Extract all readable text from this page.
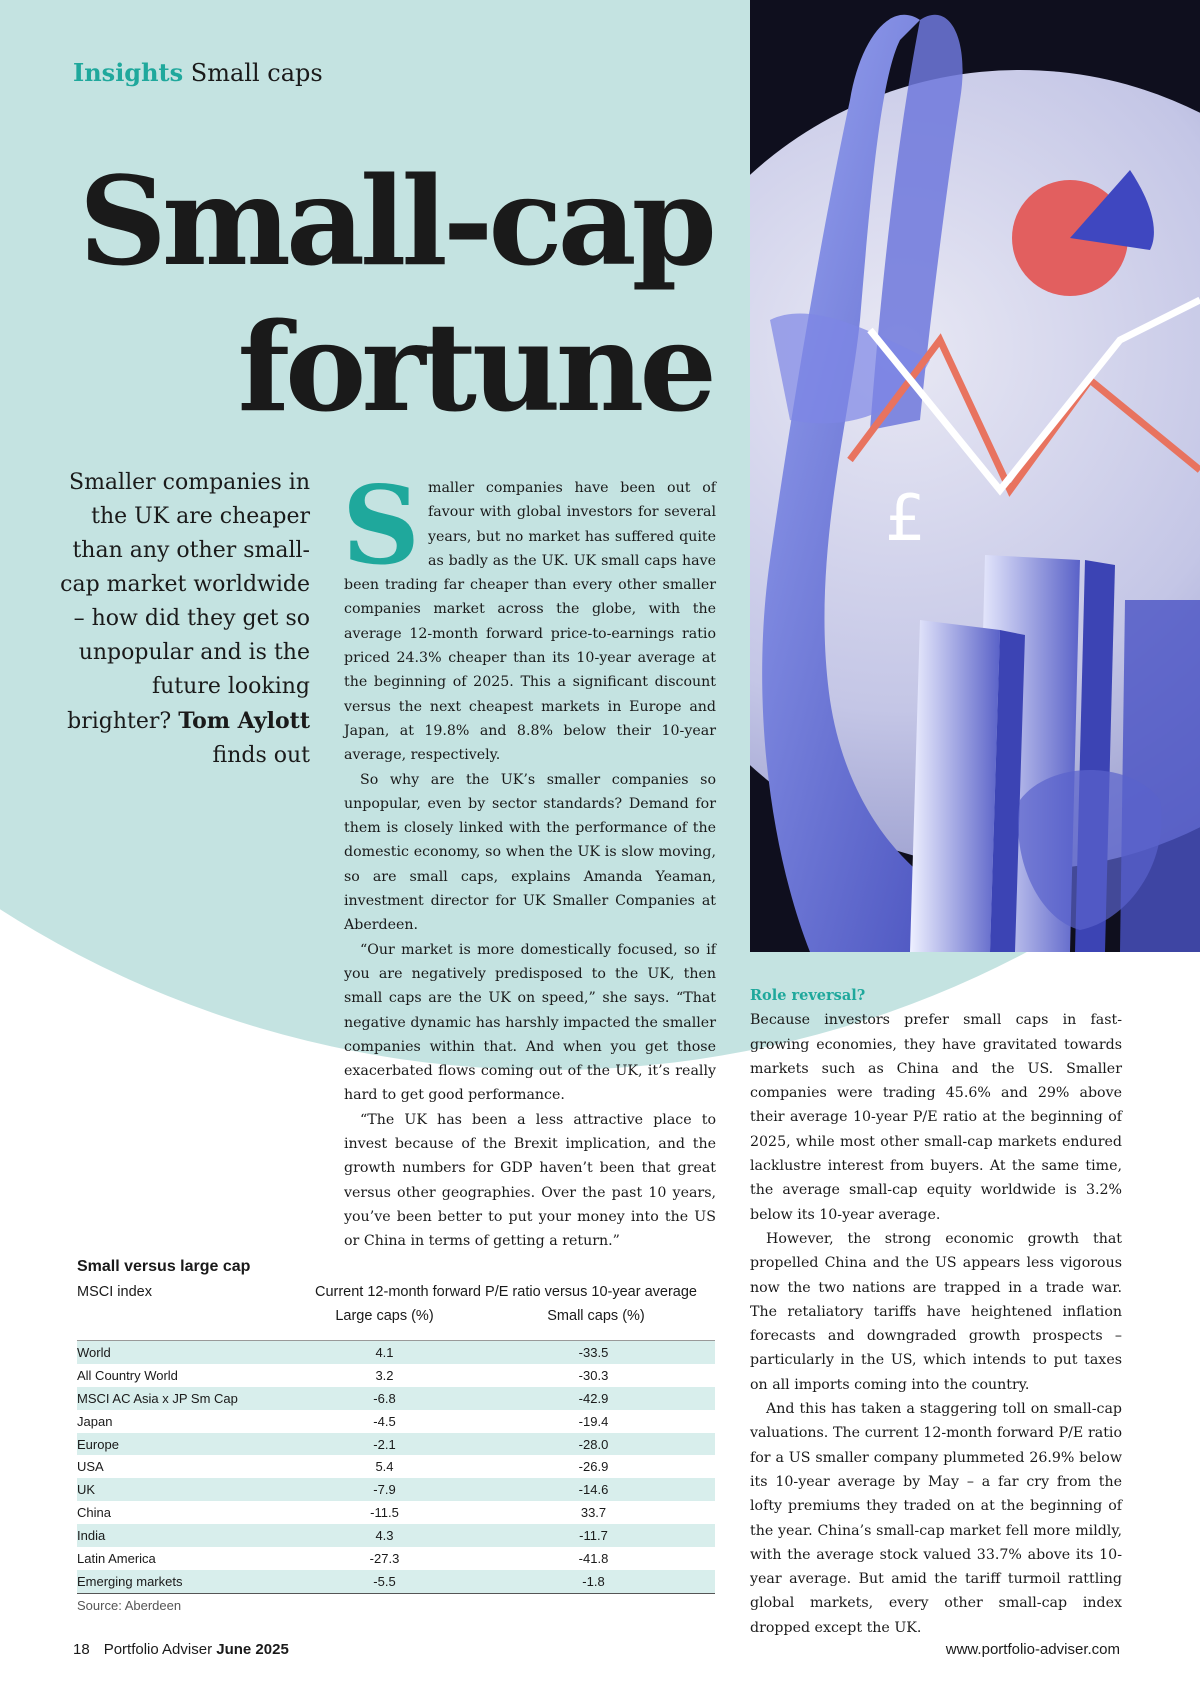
£
Insights Small caps
Small-cap
fortune
Smaller companies in the UK are cheaper than any other small-cap market worldwide – how did they get so unpopular and is the future looking brighter? Tom Aylott finds out

Smaller companies have been out of favour with global investors for several years, but no market has suffered quite as badly as the UK. UK small caps have been trading far cheaper than every other smaller companies market across the globe, with the average 12-month forward price-to-earnings ratio priced 24.3% cheaper than its 10-year average at the beginning of 2025. This a significant discount versus the next cheapest markets in Europe and Japan, at 19.8% and 8.8% below their 10-year average, respectively.

So why are the UK’s smaller companies so unpopular, even by sector standards? Demand for them is closely linked with the performance of the domestic economy, so when the UK is slow moving, so are small caps, explains Amanda Yeaman, investment director for UK Smaller Companies at Aberdeen.

“Our market is more domestically focused, so if you are negatively predisposed to the UK, then small caps are the UK on speed,” she says. “That negative dynamic has harshly impacted the smaller companies within that. And when you get those exacerbated flows coming out of the UK, it’s really hard to get good performance.

“The UK has been a less attractive place to invest because of the Brexit implication, and the growth numbers for GDP haven’t been that great versus other geographies. Over the past 10 years, you’ve been better to put your money into the US or China in terms of getting a return.”

Role reversal?

Because investors prefer small caps in fast-growing economies, they have gravitated towards markets such as China and the US. Smaller companies were trading 45.6% and 29% above their average 10-year P/E ratio at the beginning of 2025, while most other small-cap markets endured lacklustre interest from buyers. At the same time, the average small-cap equity worldwide is 3.2% below its 10-year average.

However, the strong economic growth that propelled China and the US appears less vigorous now the two nations are trapped in a trade war. The retaliatory tariffs have heightened inflation forecasts and downgraded growth prospects – particularly in the US, which intends to put taxes on all imports coming into the country.

And this has taken a staggering toll on small-cap valuations. The current 12-month forward P/E ratio for a US smaller company plummeted 26.9% below its 10-year average by May – a far cry from the lofty premiums they traded on at the beginning of the year. China’s small-cap market fell more mildly, with the average stock valued 33.7% above its 10-year average. But amid the tariff turmoil rattling global markets, every other small-cap index dropped except the UK.

Small versus large cap
MSCI index	Current 12-month forward P/E ratio versus 10-year average
Large caps (%)	Small caps (%)
World	4.1	-33.5
All Country World	3.2	-30.3
MSCI AC Asia x JP Sm Cap	-6.8	-42.9
Japan	-4.5	-19.4
Europe	-2.1	-28.0
USA	5.4	-26.9
UK	-7.9	-14.6
China	-11.5	33.7
India	4.3	-11.7
Latin America	-27.3	-41.8
Emerging markets	-5.5	-1.8
Source: Aberdeen
18 Portfolio Adviser June 2025	www.portfolio-adviser.com
